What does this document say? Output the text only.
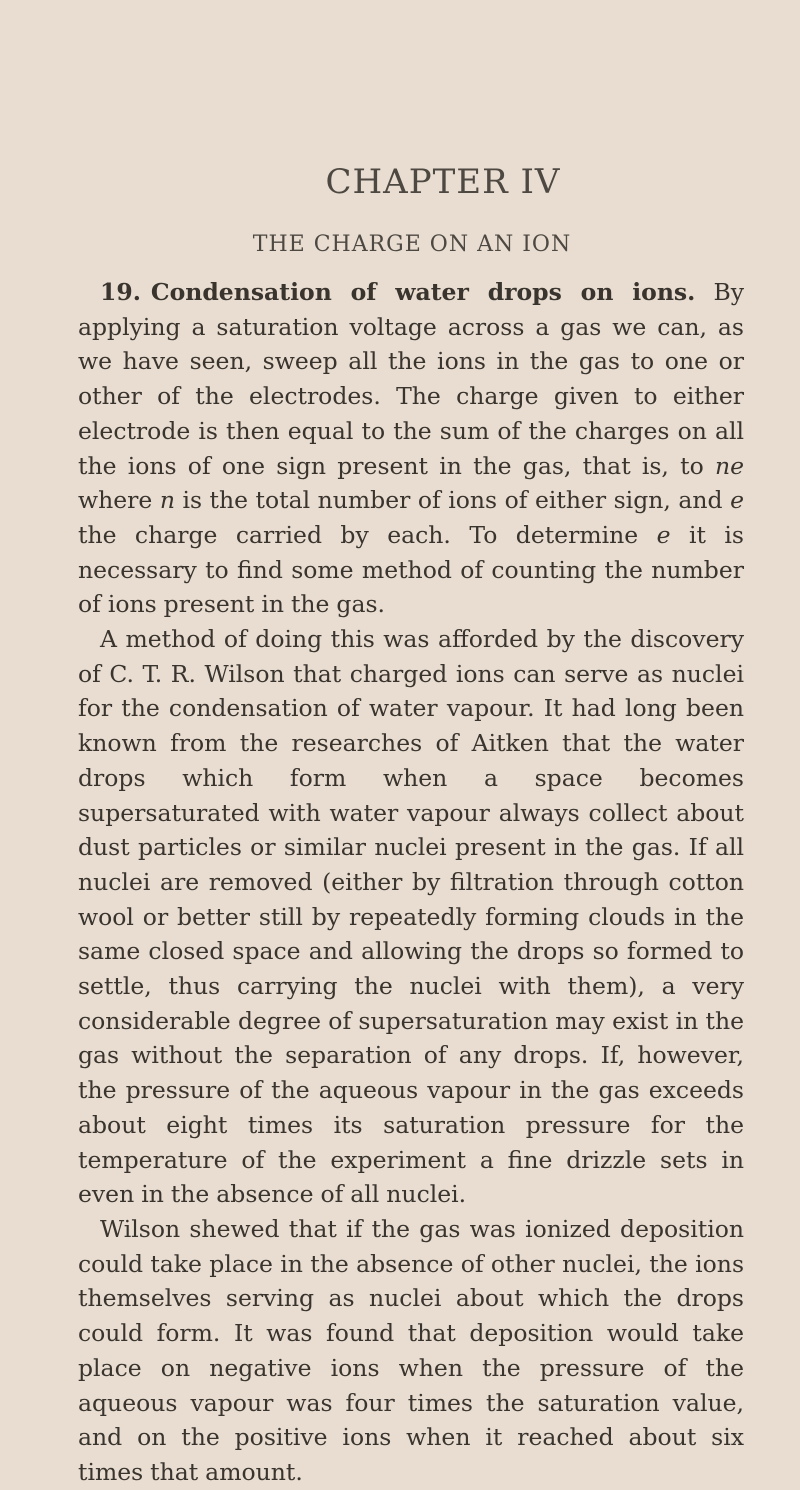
CHAPTER IV
THE CHARGE ON AN ION

19. Condensation of water drops on ions. By applying a saturation voltage across a gas we can, as we have seen, sweep all the ions in the gas to one or other of the electrodes. The charge given to either electrode is then equal to the sum of the charges on all the ions of one sign present in the gas, that is, to ne where n is the total number of ions of either sign, and e the charge carried by each. To determine e it is necessary to find some method of counting the number of ions present in the gas.

A method of doing this was afforded by the discovery of C. T. R. Wilson that charged ions can serve as nuclei for the condensation of water vapour. It had long been known from the researches of Aitken that the water drops which form when a space becomes supersaturated with water vapour always collect about dust particles or similar nuclei present in the gas. If all nuclei are removed (either by filtration through cotton wool or better still by repeatedly forming clouds in the same closed space and allowing the drops so formed to settle, thus carrying the nuclei with them), a very considerable degree of supersaturation may exist in the gas without the separation of any drops. If, however, the pressure of the aqueous vapour in the gas exceeds about eight times its saturation pressure for the temperature of the experiment a fine drizzle sets in even in the absence of all nuclei.

Wilson shewed that if the gas was ionized deposition could take place in the absence of other nuclei, the ions themselves serving as nuclei about which the drops could form. It was found that deposition would take place on negative ions when the pressure of the aqueous vapour was four times the saturation value, and on the positive ions when it reached about six times that amount.
